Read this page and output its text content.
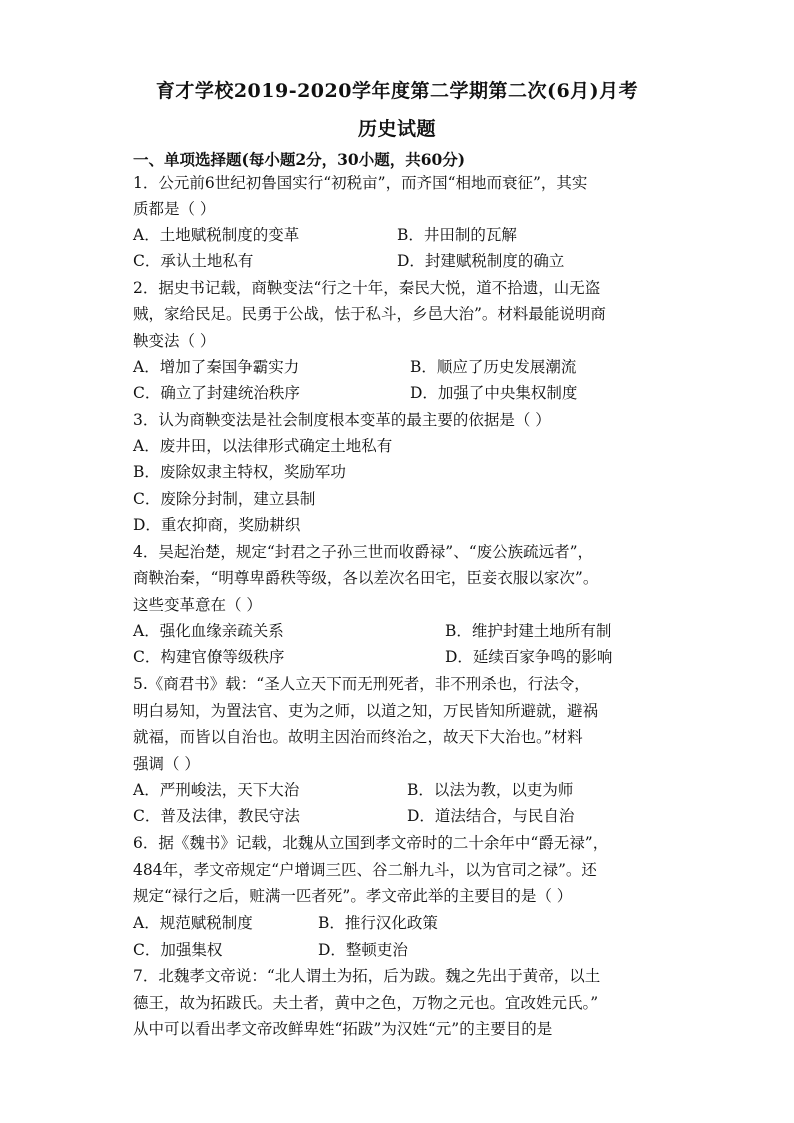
育才学校2019-2020学年度第二学期第二次(6月)月考
历史试题
一、单项选择题(每小题2分，30小题，共60分)
1．公元前6世纪初鲁国实行“初税亩”，而齐国“相地而衰征”，其实
质都是（ ）
A．土地赋税制度的变革	B．井田制的瓦解
C．承认土地私有	D．封建赋税制度的确立
2．据史书记载，商鞅变法“行之十年，秦民大悦，道不拾遗，山无盗
贼，家给民足。民勇于公战，怯于私斗，乡邑大治”。材料最能说明商
鞅变法（ ）
A．增加了秦国争霸实力	B．顺应了历史发展潮流
C．确立了封建统治秩序	D．加强了中央集权制度
3．认为商鞅变法是社会制度根本变革的最主要的依据是（ ）
A．废井田，以法律形式确定土地私有
B．废除奴隶主特权，奖励军功
C．废除分封制，建立县制
D．重农抑商，奖励耕织
4．吴起治楚，规定“封君之子孙三世而收爵禄”、“废公族疏远者”，
商鞅治秦，“明尊卑爵秩等级，各以差次名田宅，臣妾衣服以家次”。
这些变革意在（ ）
A．强化血缘亲疏关系	B．维护封建土地所有制
C．构建官僚等级秩序	D．延续百家争鸣的影响
5.《商君书》载：“圣人立天下而无刑死者，非不刑杀也，行法令，
明白易知，为置法官、吏为之师，以道之知，万民皆知所避就，避祸
就福，而皆以自治也。故明主因治而终治之，故天下大治也。”材料
强调（ ）
A．严刑峻法，天下大治	B．以法为教，以吏为师
C．普及法律，教民守法	D．道法结合，与民自治
6．据《魏书》记载，北魏从立国到孝文帝时的二十余年中“爵无禄”，
484年，孝文帝规定“户增调三匹、谷二斛九斗，以为官司之禄”。还
规定“禄行之后，赃满一匹者死”。孝文帝此举的主要目的是（ ）
A．规范赋税制度	B．推行汉化政策
C．加强集权	D．整顿吏治
7．北魏孝文帝说：“北人谓土为拓，后为跋。魏之先出于黄帝，以土
德王，故为拓跋氏。夫土者，黄中之色，万物之元也。宜改姓元氏。”
从中可以看出孝文帝改鲜卑姓“拓跋”为汉姓“元”的主要目的是
